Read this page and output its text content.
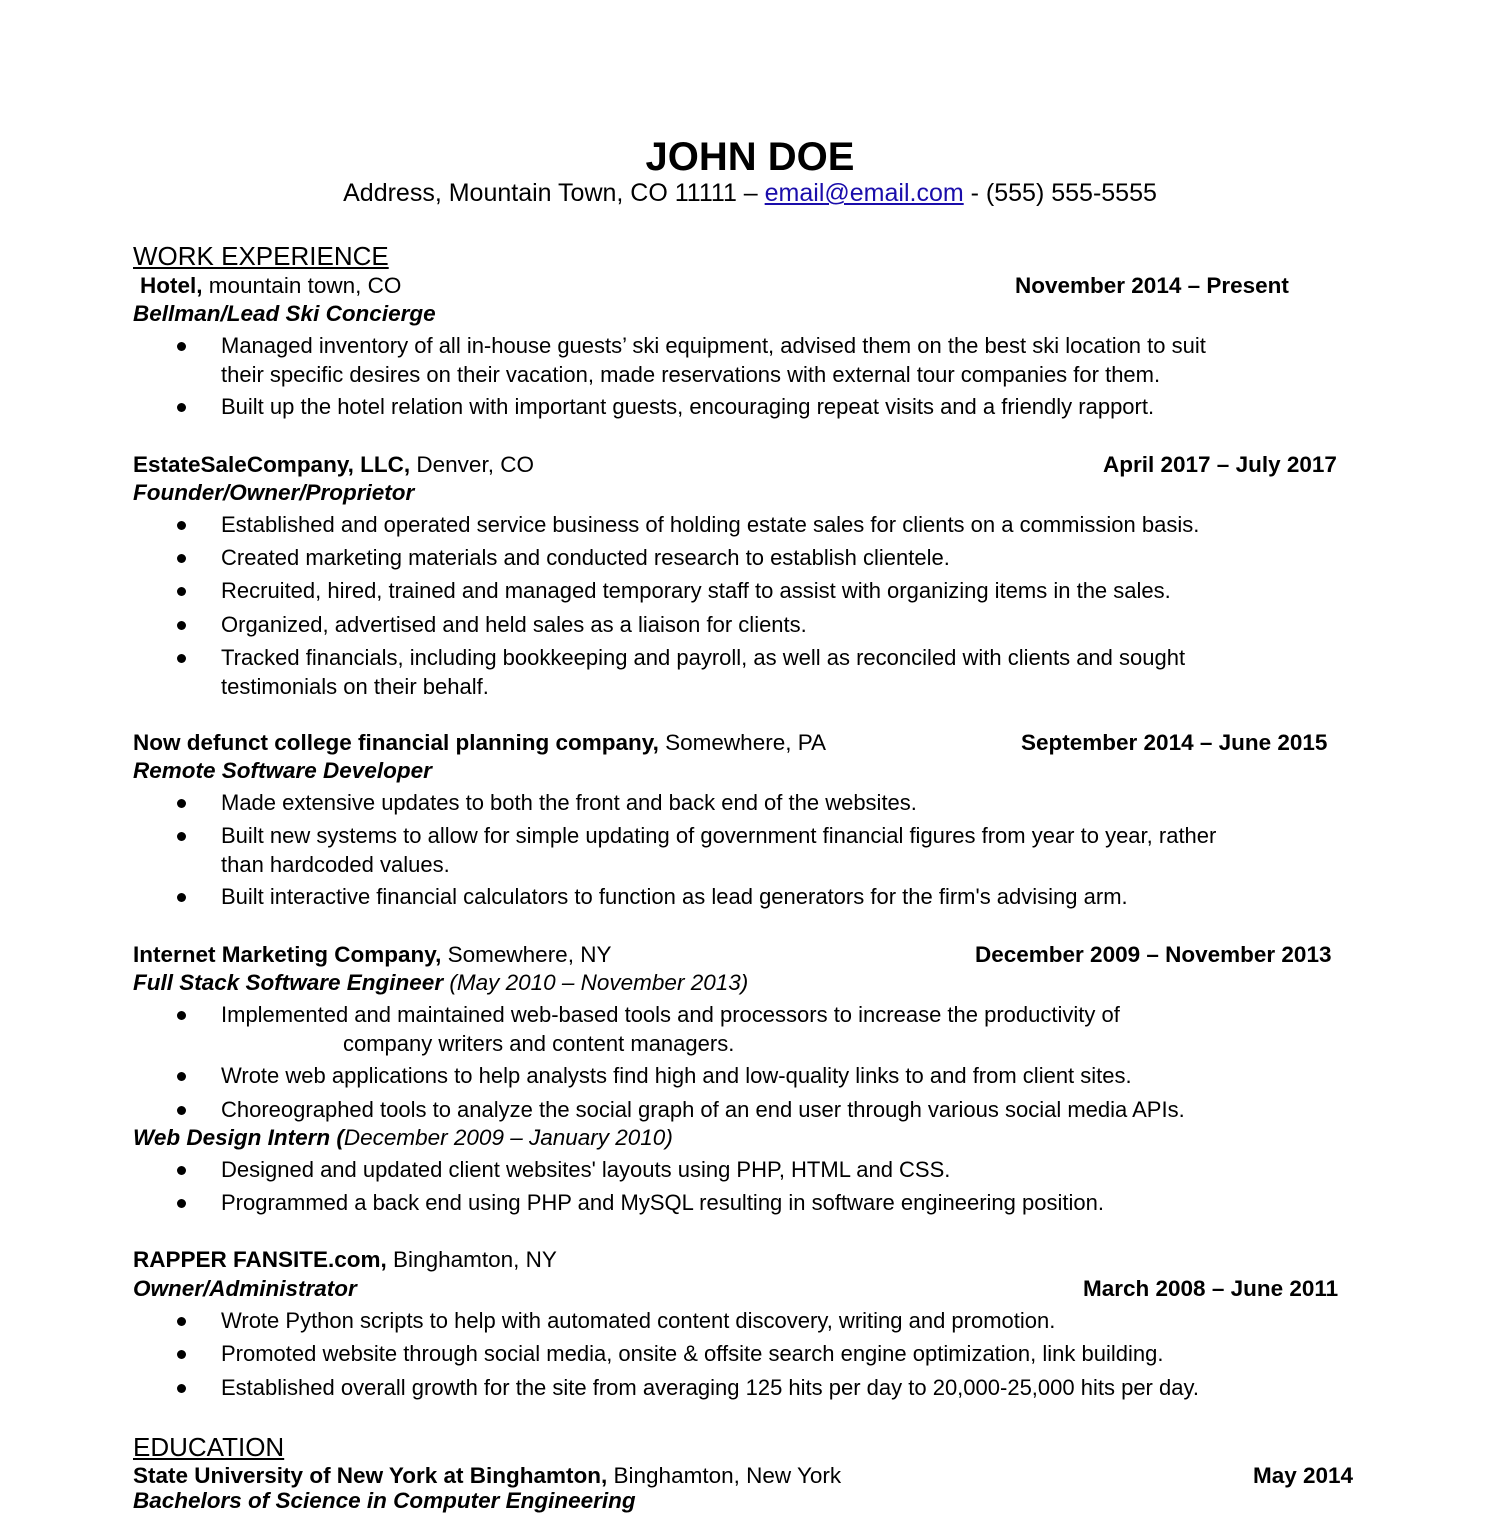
JOHN DOE
Address, Mountain Town, CO 11111 – email@email.com - (555) 555-5555
WORK EXPERIENCE
Hotel, mountain town, CO	November 2014 – Present
Bellman/Lead Ski Concierge
Managed inventory of all in-house guests’ ski equipment, advised them on the best ski location to suit
their specific desires on their vacation, made reservations with external tour companies for them.
Built up the hotel relation with important guests, encouraging repeat visits and a friendly rapport.
EstateSaleCompany, LLC, Denver, CO	April 2017 – July 2017
Founder/Owner/Proprietor
Established and operated service business of holding estate sales for clients on a commission basis.
Created marketing materials and conducted research to establish clientele.
Recruited, hired, trained and managed temporary staff to assist with organizing items in the sales.
Organized, advertised and held sales as a liaison for clients.
Tracked financials, including bookkeeping and payroll, as well as reconciled with clients and sought
testimonials on their behalf.
Now defunct college financial planning company, Somewhere, PA	September 2014 – June 2015
Remote Software Developer
Made extensive updates to both the front and back end of the websites.
Built new systems to allow for simple updating of government financial figures from year to year, rather
than hardcoded values.
Built interactive financial calculators to function as lead generators for the firm's advising arm.
Internet Marketing Company, Somewhere, NY	December 2009 – November 2013
Full Stack Software Engineer (May 2010 – November 2013)
Implemented and maintained web-based tools and processors to increase the productivity of
company writers and content managers.
Wrote web applications to help analysts find high and low-quality links to and from client sites.
Choreographed tools to analyze the social graph of an end user through various social media APIs.
Web Design Intern (December 2009 – January 2010)
Designed and updated client websites' layouts using PHP, HTML and CSS.
Programmed a back end using PHP and MySQL resulting in software engineering position.
RAPPER FANSITE.com, Binghamton, NY
Owner/Administrator	March 2008 – June 2011
Wrote Python scripts to help with automated content discovery, writing and promotion.
Promoted website through social media, onsite & offsite search engine optimization, link building.
Established overall growth for the site from averaging 125 hits per day to 20,000-25,000 hits per day.
EDUCATION
State University of New York at Binghamton, Binghamton, New York	May 2014
Bachelors of Science in Computer Engineering
